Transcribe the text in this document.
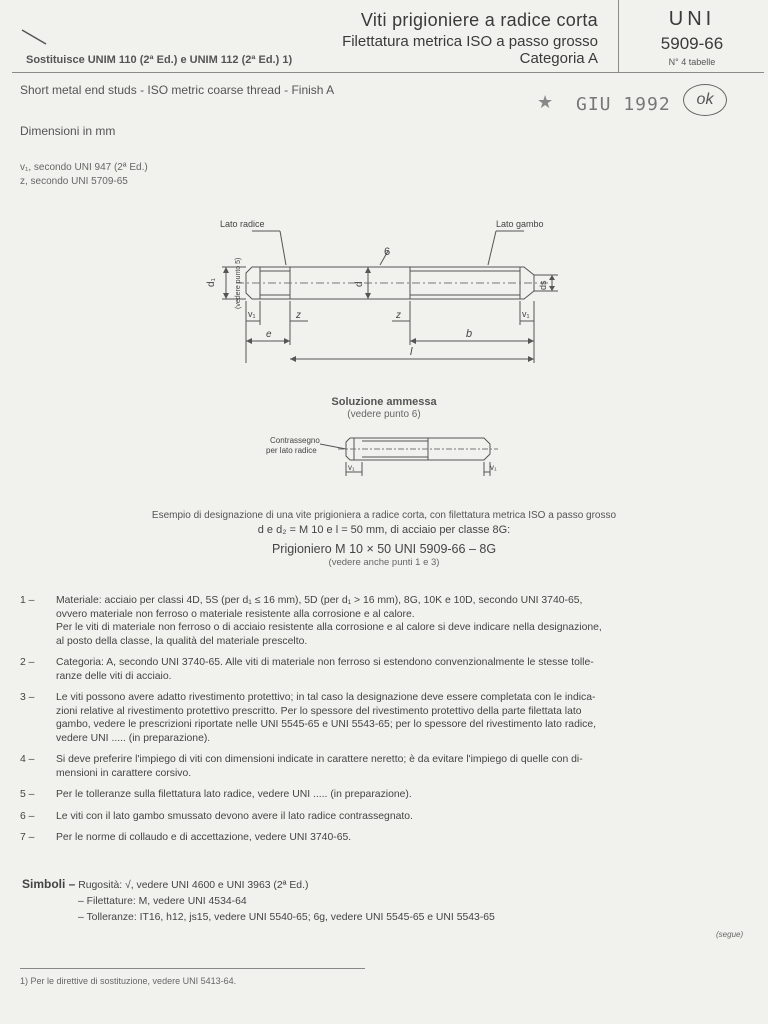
Viti prigioniere a radice corta
Filettatura metrica ISO a passo grosso
Categoria A
Sostituisce UNIM 110 (2ª Ed.) e UNIM 112 (2ª Ed.) 1)
UNI
5909-66
N° 4 tabelle
Short metal end studs - ISO metric coarse thread - Finish A
★ GIU 1992	ok
Dimensioni in mm
v₁, secondo UNI 947 (2ª Ed.)
z, secondo UNI 5709-65
Lato radice	Lato gambo
6
d₁	(vedere punto 5)	d	ds
v₁	z	z	v₁
e	b
l
Soluzione ammessa
(vedere punto 6)
Contrassegno
per lato radice
v₁	v₁
Esempio di designazione di una vite prigioniera a radice corta, con filettatura metrica ISO a passo grosso
d e d₂ = M 10 e l = 50 mm, di acciaio per classe 8G:
Prigioniero M 10 × 50 UNI 5909-66 – 8G
(vedere anche punti 1 e 3)
1 –	Materiale: acciaio per classi 4D, 5S (per d₁ ≤ 16 mm), 5D (per d₁ > 16 mm), 8G, 10K e 10D, secondo UNI 3740-65,

ovvero materiale non ferroso o materiale resistente alla corrosione e al calore.

Per le viti di materiale non ferroso o di acciaio resistente alla corrosione e al calore si deve indicare nella designazione,

al posto della classe, la qualità del materiale prescelto.

2 –	Categoria: A, secondo UNI 3740-65. Alle viti di materiale non ferroso si estendono convenzionalmente le stesse tolle-

ranze delle viti di acciaio.

3 –	Le viti possono avere adatto rivestimento protettivo; in tal caso la designazione deve essere completata con le indica-

zioni relative al rivestimento protettivo prescritto. Per lo spessore del rivestimento protettivo della parte filettata lato

gambo, vedere le prescrizioni riportate nelle UNI 5545-65 e UNI 5543-65; per lo spessore del rivestimento lato radice,

vedere UNI ..... (in preparazione).

4 –	Si deve preferire l'impiego di viti con dimensioni indicate in carattere neretto; è da evitare l'impiego di quelle con di-

mensioni in carattere corsivo.

5 –	Per le tolleranze sulla filettatura lato radice, vedere UNI ..... (in preparazione).

6 –	Le viti con il lato gambo smussato devono avere il lato radice contrassegnato.

7 –	Per le norme di collaudo e di accettazione, vedere UNI 3740-65.

Simboli – Rugosità: √, vedere UNI 4600 e UNI 3963 (2ª Ed.)
– Filettature: M, vedere UNI 4534-64
– Tolleranze: IT16, h12, js15, vedere UNI 5540-65; 6g, vedere UNI 5545-65 e UNI 5543-65
(segue)
1) Per le direttive di sostituzione, vedere UNI 5413-64.
